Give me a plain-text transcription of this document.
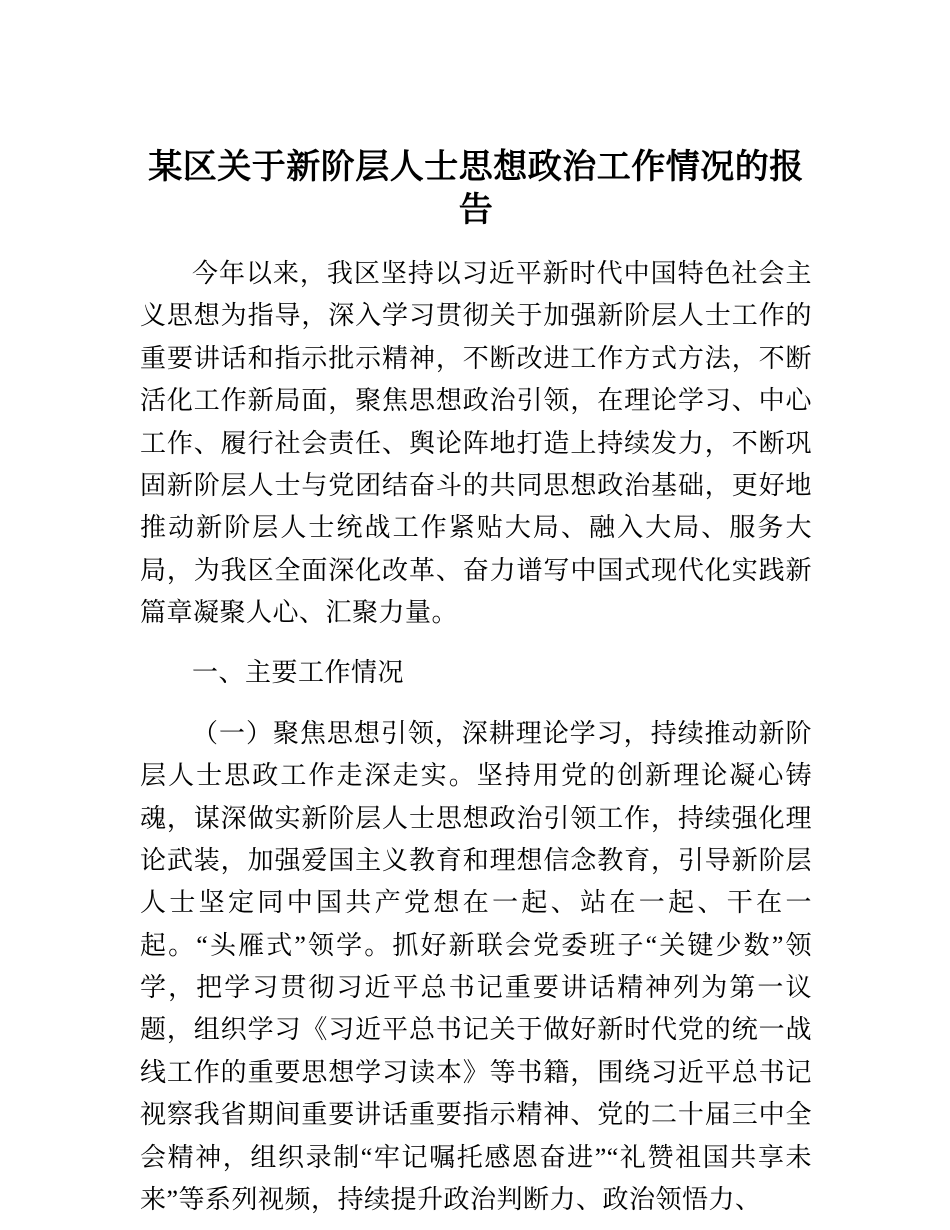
某区关于新阶层人士思想政治工作情况的报告

今年以来，我区坚持以习近平新时代中国特色社会主义思想为指导，深入学习贯彻关于加强新阶层人士工作的重要讲话和指示批示精神，不断改进工作方式方法，不断活化工作新局面，聚焦思想政治引领，在理论学习、中心工作、履行社会责任、舆论阵地打造上持续发力，不断巩固新阶层人士与党团结奋斗的共同思想政治基础，更好地推动新阶层人士统战工作紧贴大局、融入大局、服务大局，为我区全面深化改革、奋力谱写中国式现代化实践新篇章凝聚人心、汇聚力量。

一、主要工作情况

（一）聚焦思想引领，深耕理论学习，持续推动新阶层人士思政工作走深走实。坚持用党的创新理论凝心铸魂，谋深做实新阶层人士思想政治引领工作，持续强化理论武装，加强爱国主义教育和理想信念教育，引导新阶层人士坚定同中国共产党想在一起、站在一起、干在一起。“头雁式”领学。抓好新联会党委班子“关键少数”领学，把学习贯彻习近平总书记重要讲话精神列为第一议题，组织学习《习近平总书记关于做好新时代党的统一战线工作的重要思想学习读本》等书籍，围绕习近平总书记视察我省期间重要讲话重要指示精神、党的二十届三中全会精神，组织录制“牢记嘱托感恩奋进”“礼赞祖国共享未来”等系列视频，持续提升政治判断力、政治领悟力、
